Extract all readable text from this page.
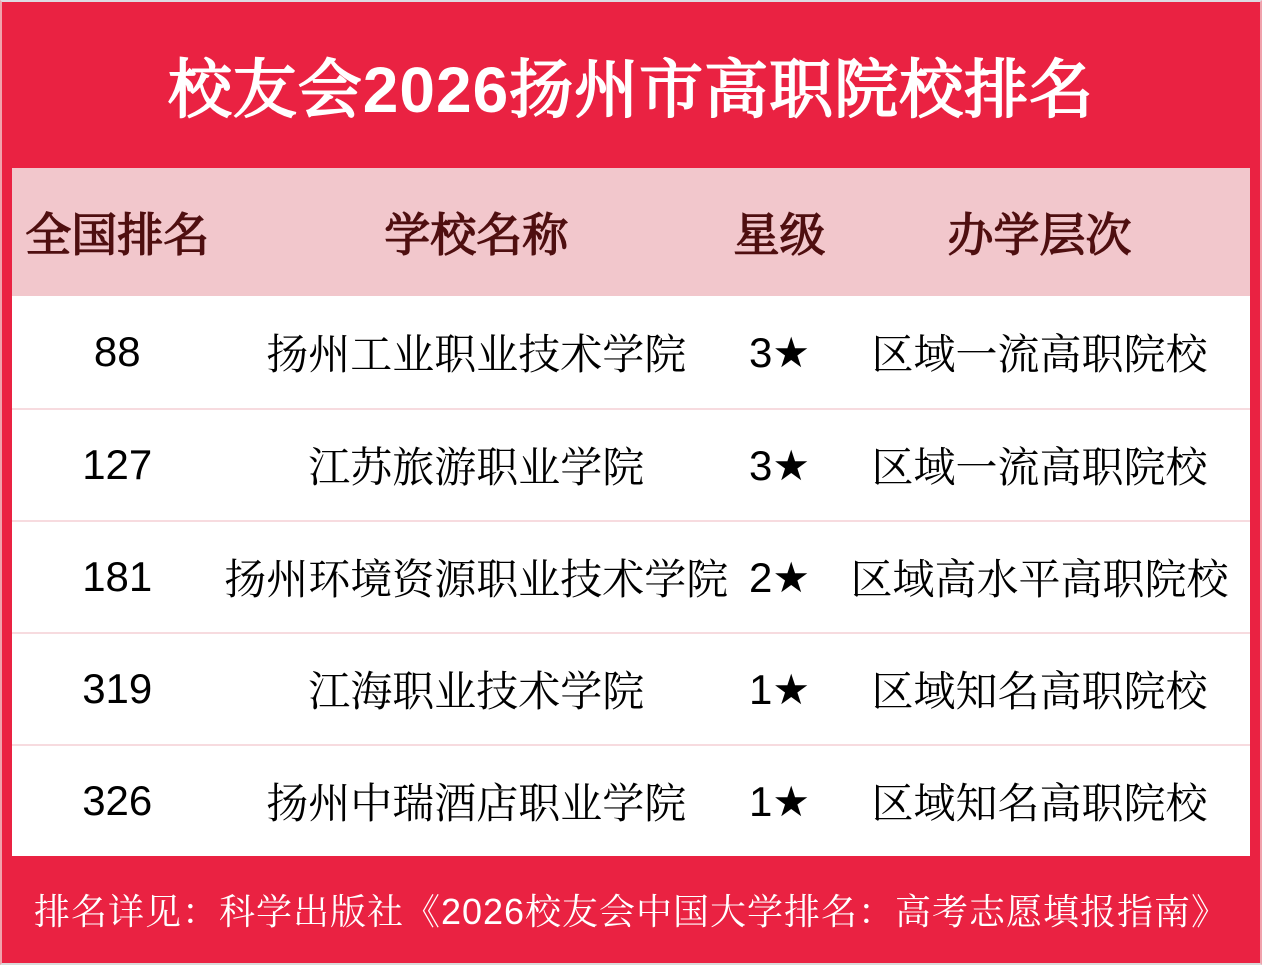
校友会2026扬州市高职院校排名
全国排名	学校名称	星级	办学层次
88	扬州工业职业技术学院	3★	区域一流高职院校
127	江苏旅游职业学院	3★	区域一流高职院校
181	扬州环境资源职业技术学院 2★ 区域高水平高职院校
319	江海职业技术学院	1★	区域知名高职院校
326	扬州中瑞酒店职业学院	1★	区域知名高职院校
排名详见：科学出版社《2026校友会中国大学排名：高考志愿填报指南》
